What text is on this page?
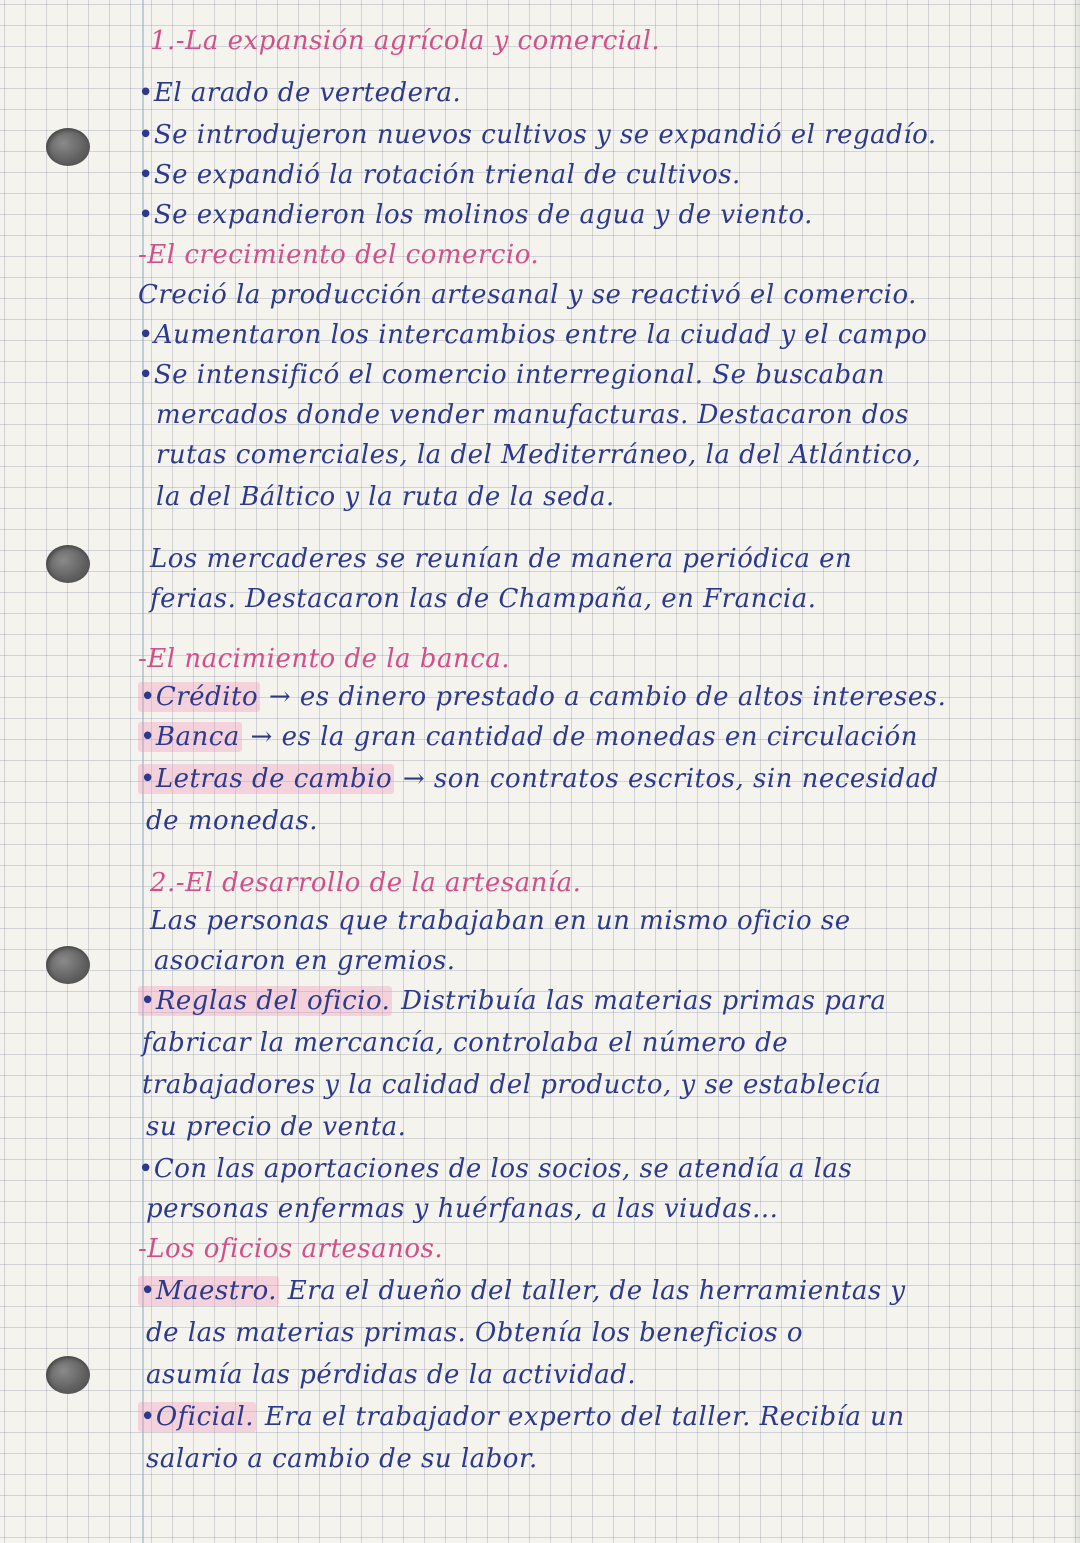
1.-La expansión agrícola y comercial.
•El arado de vertedera.
•Se introdujeron nuevos cultivos y se expandió el regadío.
•Se expandió la rotación trienal de cultivos.
•Se expandieron los molinos de agua y de viento.
-El crecimiento del comercio.
Creció la producción artesanal y se reactivó el comercio.
•Aumentaron los intercambios entre la ciudad y el campo
•Se intensificó el comercio interregional. Se buscaban
mercados donde vender manufacturas. Destacaron dos
rutas comerciales, la del Mediterráneo, la del Atlántico,
la del Báltico y la ruta de la seda.
Los mercaderes se reunían de manera periódica en
ferias. Destacaron las de Champaña, en Francia.
-El nacimiento de la banca.
•Crédito → es dinero prestado a cambio de altos intereses.
•Banca → es la gran cantidad de monedas en circulación
•Letras de cambio → son contratos escritos, sin necesidad
de monedas.
2.-El desarrollo de la artesanía.
Las personas que trabajaban en un mismo oficio se
asociaron en gremios.
•Reglas del oficio. Distribuía las materias primas para
fabricar la mercancía, controlaba el número de
trabajadores y la calidad del producto, y se establecía
su precio de venta.
•Con las aportaciones de los socios, se atendía a las
personas enfermas y huérfanas, a las viudas...
-Los oficios artesanos.
•Maestro. Era el dueño del taller, de las herramientas y
de las materias primas. Obtenía los beneficios o
asumía las pérdidas de la actividad.
•Oficial. Era el trabajador experto del taller. Recibía un
salario a cambio de su labor.
